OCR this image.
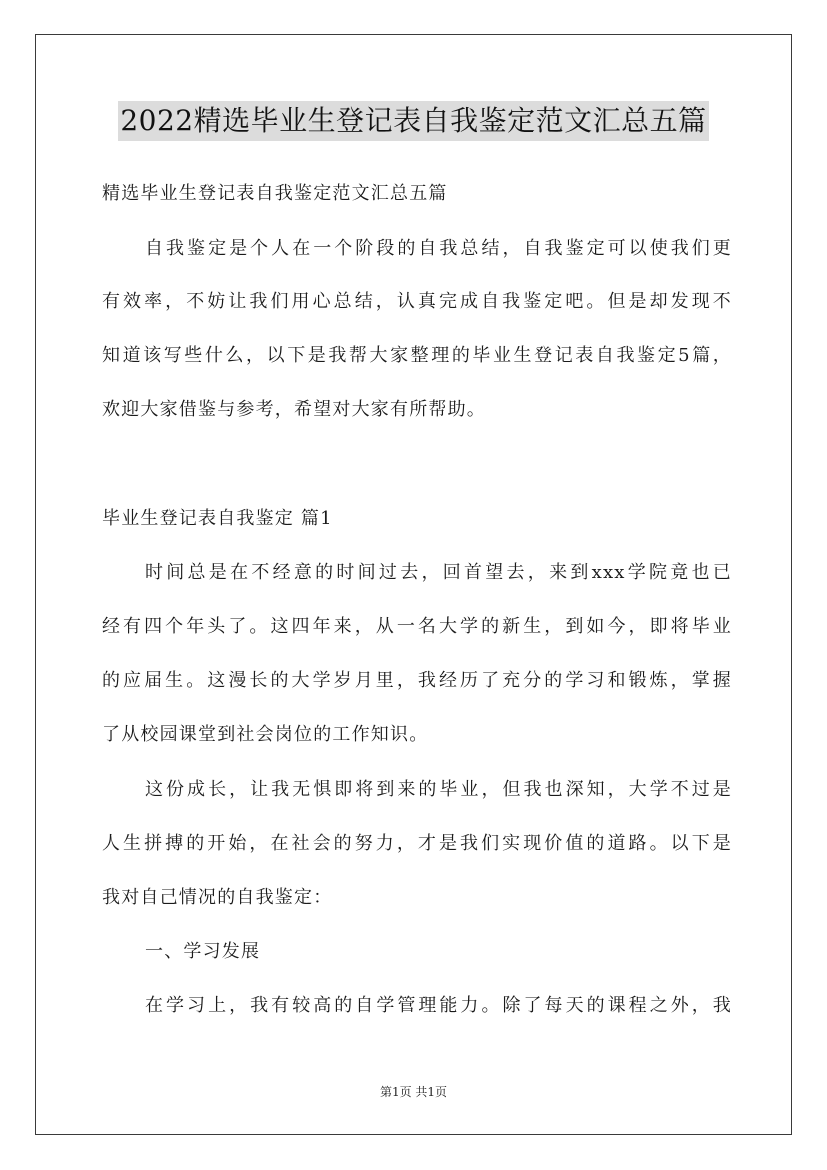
2022精选毕业生登记表自我鉴定范文汇总五篇

精选毕业生登记表自我鉴定范文汇总五篇

自我鉴定是个人在一个阶段的自我总结，自我鉴定可以使我们更

有效率，不妨让我们用心总结，认真完成自我鉴定吧。但是却发现不

知道该写些什么，以下是我帮大家整理的毕业生登记表自我鉴定5篇，

欢迎大家借鉴与参考，希望对大家有所帮助。

毕业生登记表自我鉴定 篇1

时间总是在不经意的时间过去，回首望去，来到xxx学院竟也已

经有四个年头了。这四年来，从一名大学的新生，到如今，即将毕业

的应届生。这漫长的大学岁月里，我经历了充分的学习和锻炼，掌握

了从校园课堂到社会岗位的工作知识。

这份成长，让我无惧即将到来的毕业，但我也深知，大学不过是

人生拼搏的开始，在社会的努力，才是我们实现价值的道路。以下是

我对自己情况的自我鉴定：

一、学习发展

在学习上，我有较高的自学管理能力。除了每天的课程之外，我

第1页 共1页
